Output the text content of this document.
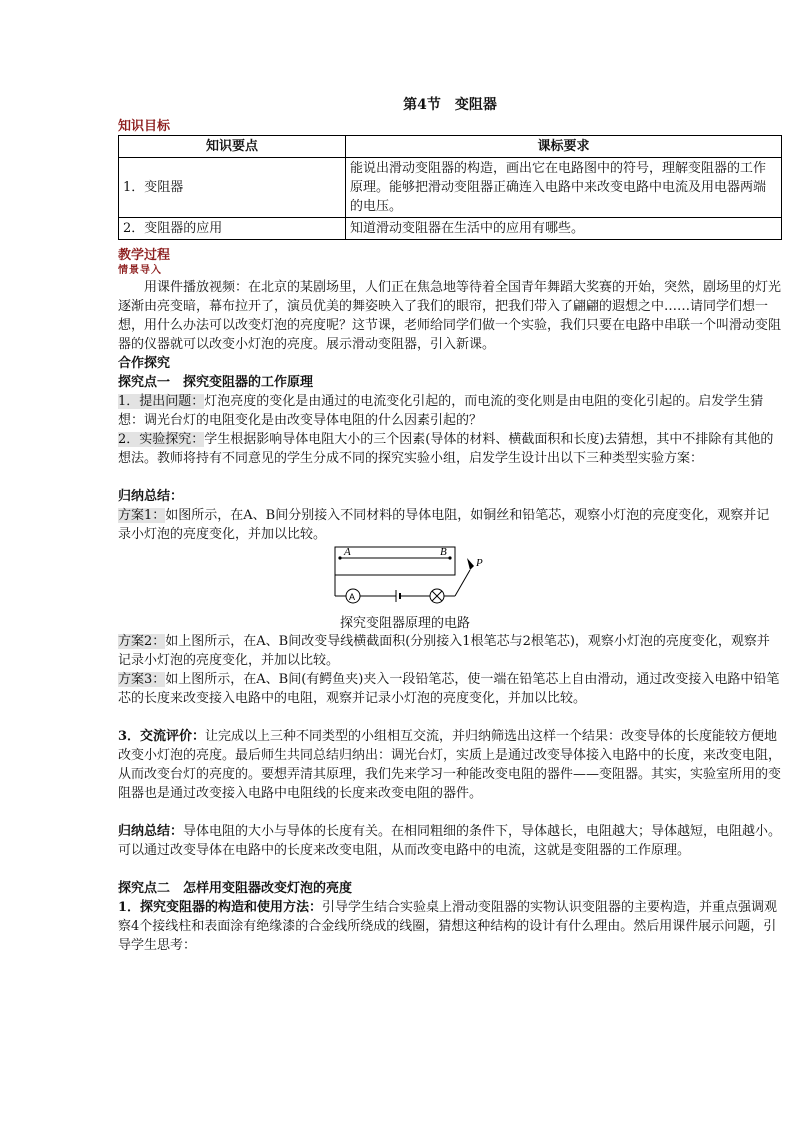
第4节　变阻器

知识目标
知识要点	课标要求
1．变阻器	能说出滑动变阻器的构造，画出它在电路图中的符号，理解变阻器的工作原理。能够把滑动变阻器正确连入电路中来改变电路中电流及用电器两端的电压。
2．变阻器的应用	知道滑动变阻器在生活中的应用有哪些。
教学过程
情景导入

用课件播放视频：在北京的某剧场里，人们正在焦急地等待着全国青年舞蹈大奖赛的开始，突然，剧场里的灯光逐渐由亮变暗，幕布拉开了，演员优美的舞姿映入了我们的眼帘，把我们带入了翩翩的遐想之中……请同学们想一想，用什么办法可以改变灯泡的亮度呢？这节课，老师给同学们做一个实验，我们只要在电路中串联一个叫滑动变阻器的仪器就可以改变小灯泡的亮度。展示滑动变阻器，引入新课。

合作探究

探究点一　探究变阻器的工作原理

1．提出问题：灯泡亮度的变化是由通过的电流变化引起的，而电流的变化则是由电阻的变化引起的。启发学生猜想：调光台灯的电阻变化是由改变导体电阻的什么因素引起的？

2．实验探究：学生根据影响导体电阻大小的三个因素(导体的材料、横截面积和长度)去猜想，其中不排除有其他的想法。教师将持有不同意见的学生分成不同的探究实验小组，启发学生设计出以下三种类型实验方案：

归纳总结：

方案1：如图所示，在A、B间分别接入不同材料的导体电阻，如铜丝和铅笔芯，观察小灯泡的亮度变化，观察并记录小灯泡的亮度变化，并加以比较。

A	B
P
A
探究变阻器原理的电路

方案2：如上图所示，在A、B间改变导线横截面积(分别接入1根笔芯与2根笔芯)，观察小灯泡的亮度变化，观察并记录小灯泡的亮度变化，并加以比较。

方案3：如上图所示，在A、B间(有鳄鱼夹)夹入一段铅笔芯，使一端在铅笔芯上自由滑动，通过改变接入电路中铅笔芯的长度来改变接入电路中的电阻，观察并记录小灯泡的亮度变化，并加以比较。

3．交流评价：让完成以上三种不同类型的小组相互交流，并归纳筛选出这样一个结果：改变导体的长度能较方便地改变小灯泡的亮度。最后师生共同总结归纳出：调光台灯，实质上是通过改变导体接入电路中的长度，来改变电阻，从而改变台灯的亮度的。要想弄清其原理，我们先来学习一种能改变电阻的器件——变阻器。其实，实验室所用的变阻器也是通过改变接入电路中电阻线的长度来改变电阻的器件。

归纳总结：导体电阻的大小与导体的长度有关。在相同粗细的条件下，导体越长，电阻越大；导体越短，电阻越小。可以通过改变导体在电路中的长度来改变电阻，从而改变电路中的电流，这就是变阻器的工作原理。

探究点二　怎样用变阻器改变灯泡的亮度

1．探究变阻器的构造和使用方法：引导学生结合实验桌上滑动变阻器的实物认识变阻器的主要构造，并重点强调观察4个接线柱和表面涂有绝缘漆的合金线所绕成的线圈，猜想这种结构的设计有什么理由。然后用课件展示问题，引导学生思考：
